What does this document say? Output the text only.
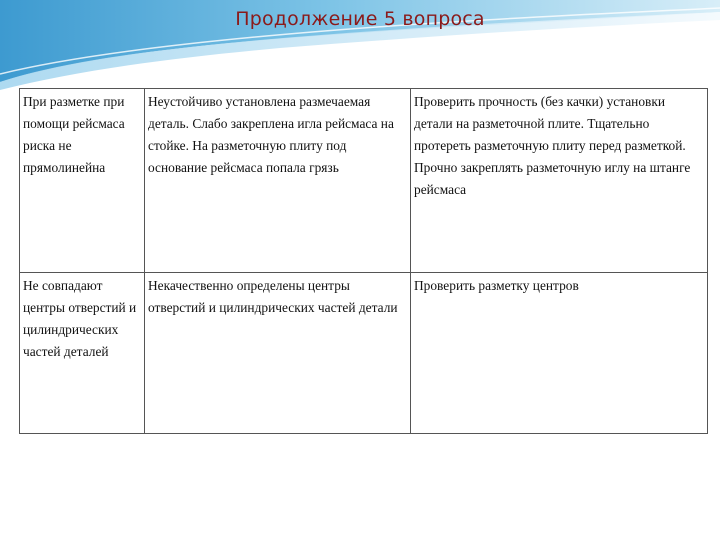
Продолжение 5 вопроса
При разметке при помощи рейсмаса риска не прямолинейна	Неустойчиво установлена размечаемая деталь. Слабо закреплена игла рейсмаса на стойке. На разметочную плиту под основание рейсмаса попала грязь	Проверить прочность (без качки) установки детали на разметочной плите. Тщательно протереть разметочную плиту перед разметкой. Прочно закреплять разметочную иглу на штанге рейсмаса
Не совпадают центры отверстий и цилиндрических частей деталей	Некачественно определены центры отверстий и цилиндрических частей детали	Проверить разметку центров
